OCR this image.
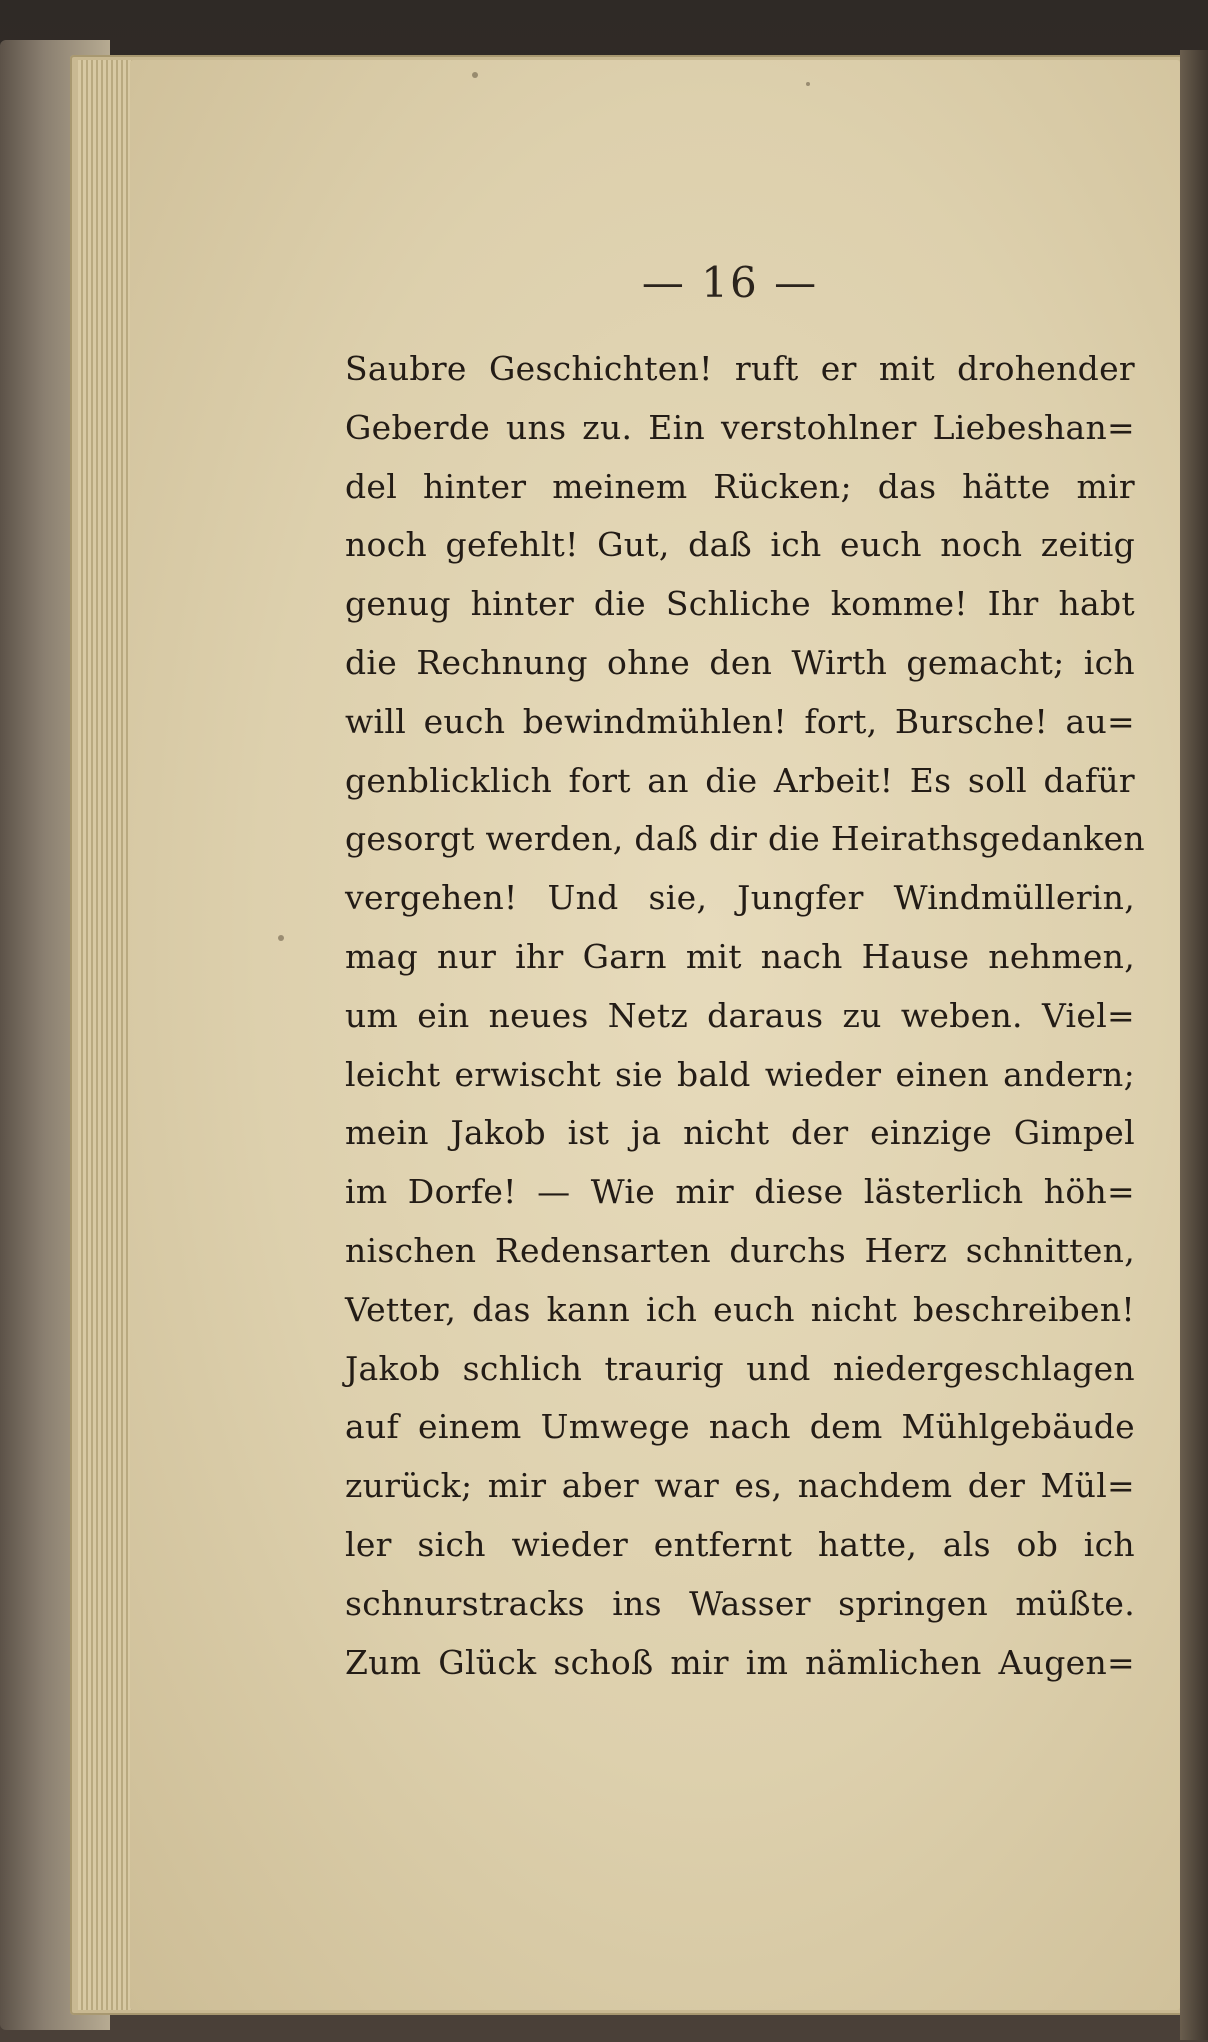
— 16 —
Saubre Geschichten! ruft er mit drohender
Geberde uns zu. Ein verstohlner Liebeshan=
del hinter meinem Rücken; das hätte mir
noch gefehlt! Gut, daß ich euch noch zeitig
genug hinter die Schliche komme! Ihr habt
die Rechnung ohne den Wirth gemacht; ich
will euch bewindmühlen! fort, Bursche! au=
genblicklich fort an die Arbeit! Es soll dafür
gesorgt werden, daß dir die Heirathsgedanken
vergehen! Und sie, Jungfer Windmüllerin,
mag nur ihr Garn mit nach Hause nehmen,
um ein neues Netz daraus zu weben. Viel=
leicht erwischt sie bald wieder einen andern;
mein Jakob ist ja nicht der einzige Gimpel
im Dorfe! — Wie mir diese lästerlich höh=
nischen Redensarten durchs Herz schnitten,
Vetter, das kann ich euch nicht beschreiben!
Jakob schlich traurig und niedergeschlagen
auf einem Umwege nach dem Mühlgebäude
zurück; mir aber war es, nachdem der Mül=
ler sich wieder entfernt hatte, als ob ich
schnurstracks ins Wasser springen müßte.
Zum Glück schoß mir im nämlichen Augen=
